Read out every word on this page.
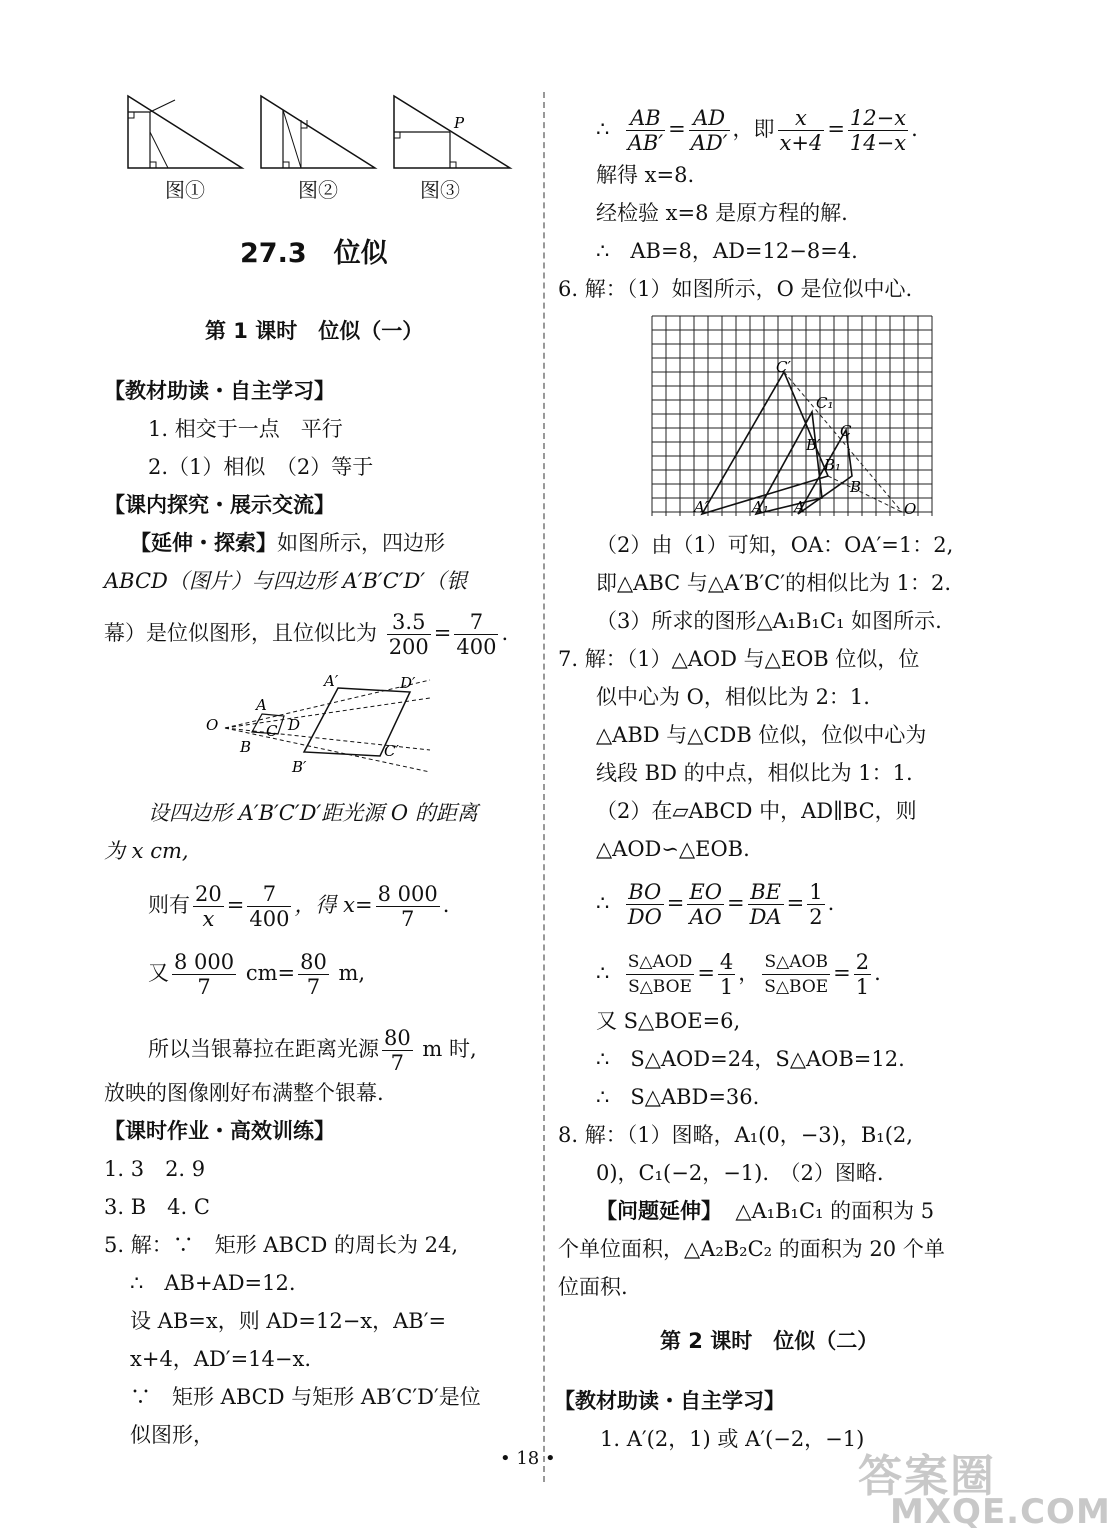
P
图①	图②	图③
27.3　位似
第 1 课时　位似（一）
【教材助读・自主学习】
1. 相交于一点　平行
2.（1）相似　（2）等于
【课内探究・展示交流】
【延伸・探索】如图所示，四边形
ABCD（图片）与四边形 A′B′C′D′（银
幕）是位似图形，且位似比为 $\frac{3.5}{200} = \frac{7}{400}$ .
O
A
B
C D
A′	D′
B′
C′
设四边形 A′B′C′D′距光源 O 的距离
为 x cm,
则有 $\frac{20}{x} = \frac{7}{400}$ ，得 $x= \frac{8 000}{7}$ .
又 $\frac{8 000}{7} cm= \frac{80}{7} m$,
所以当银幕拉在距离光源 $\frac{80}{7}$ m 时,
放映的图像刚好布满整个银幕.
【课时作业・高效训练】
1. 3　2. 9
3. B　4. C
5. 解：∵　矩形 ABCD 的周长为 24,
∴　AB+AD=12.
设 AB=x，则 AD=12−x，AB′=
x+4，AD′=14−x.
∵　矩形 ABCD 与矩形 AB′C′D′是位
似图形，
∴ $\frac{AB}{AB'} = \frac{AD}{AD'}$ ，即 $\frac{x}{x+4} = \frac{12-x}{14-x}$ .
解得 x=8.
经检验 x=8 是原方程的解.
∴　AB=8，AD=12−8=4.
6. 解：（1）如图所示，O 是位似中心.
C′
C₁
C
B′
B₁
B
A′	A₁ A	O
（2）由（1）可知，OA：OA′=1：2,
即△ABC 与△A′B′C′的相似比为 1：2.
（3）所求的图形△A₁B₁C₁ 如图所示.
7. 解：（1）△AOD 与△EOB 位似，位
似中心为 O，相似比为 2：1.
△ABD 与△CDB 位似，位似中心为
线段 BD 的中点，相似比为 1：1.
（2）在▱ABCD 中，AD∥BC，则
△AOD∽△EOB.
∴ $\frac{BO}{DO} = \frac{EO}{AO} = \frac{BE}{DA} = \frac{1}{2}$ .
∴ $\frac{\text{S△AOD}}{\text{S△BOE}} = \frac{4}{1}$ ， $\frac{\text{S△AOB}}{\text{S△BOE}} = \frac{2}{1}$ .
又 S△BOE=6,
∴　S△AOD=24，S△AOB=12.
∴　S△ABD=36.
8. 解：（1）图略，A₁(0，−3)，B₁(2,
0)，C₁(−2，−1).　（2）图略.
【问题延伸】 △A₁B₁C₁ 的面积为 5
个单位面积，△A₂B₂C₂ 的面积为 20 个单
位面积.
第 2 课时　位似（二）
【教材助读・自主学习】
1. A′(2，1) 或 A′(−2，−1)
• 18 •	答案圈
MXQE.COM
